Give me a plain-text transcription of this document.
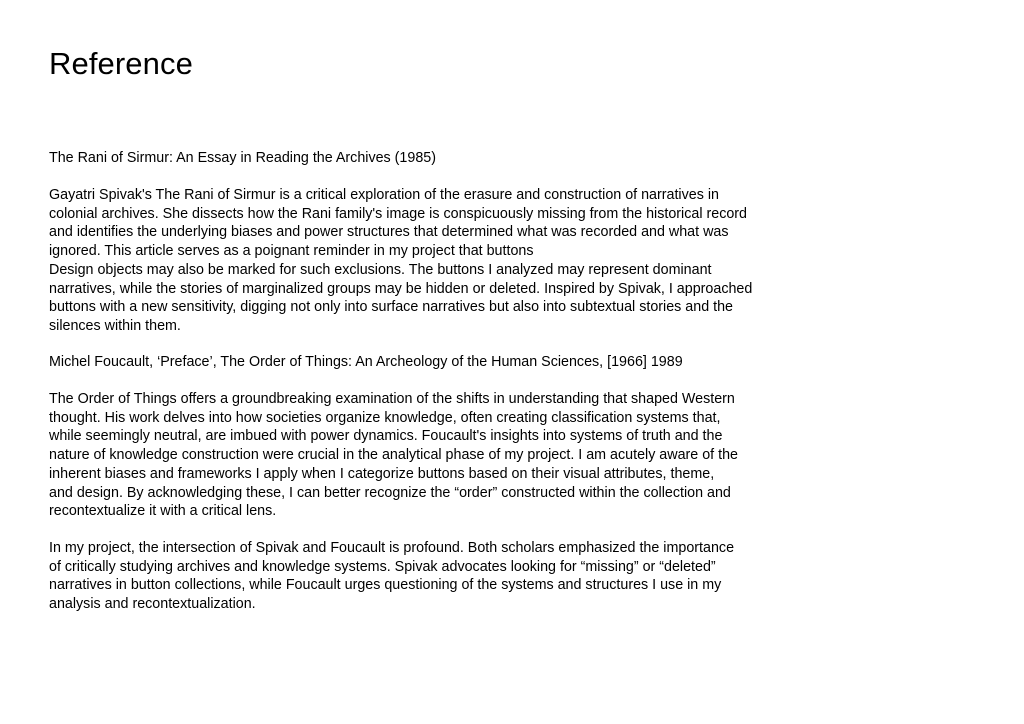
Reference

The Rani of Sirmur: An Essay in Reading the Archives (1985)

Gayatri Spivak's The Rani of Sirmur is a critical exploration of the erasure and construction of narratives in
colonial archives. She dissects how the Rani family's image is conspicuously missing from the historical record
and identifies the underlying biases and power structures that determined what was recorded and what was
ignored. This article serves as a poignant reminder in my project that buttons
Design objects may also be marked for such exclusions. The buttons I analyzed may represent dominant
narratives, while the stories of marginalized groups may be hidden or deleted. Inspired by Spivak, I approached
buttons with a new sensitivity, digging not only into surface narratives but also into subtextual stories and the
silences within them.

Michel Foucault, ‘Preface’, The Order of Things: An Archeology of the Human Sciences, [1966] 1989

The Order of Things offers a groundbreaking examination of the shifts in understanding that shaped Western
thought. His work delves into how societies organize knowledge, often creating classification systems that,
while seemingly neutral, are imbued with power dynamics. Foucault's insights into systems of truth and the
nature of knowledge construction were crucial in the analytical phase of my project. I am acutely aware of the
inherent biases and frameworks I apply when I categorize buttons based on their visual attributes, theme,
and design. By acknowledging these, I can better recognize the “order” constructed within the collection and
recontextualize it with a critical lens.

In my project, the intersection of Spivak and Foucault is profound. Both scholars emphasized the importance
of critically studying archives and knowledge systems. Spivak advocates looking for “missing” or “deleted”
narratives in button collections, while Foucault urges questioning of the systems and structures I use in my
analysis and recontextualization.
